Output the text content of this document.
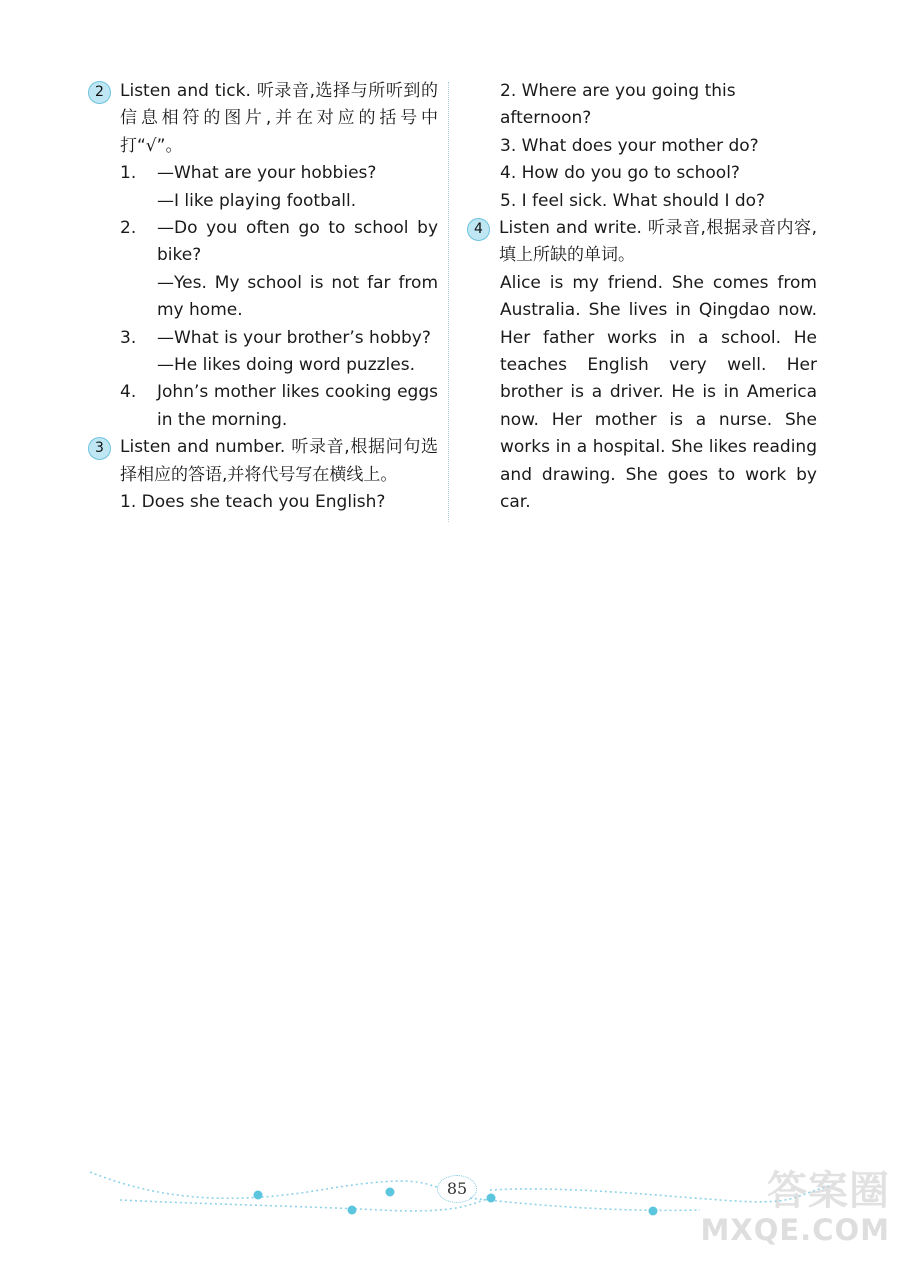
2 Listen and tick. 听录音,选择与所听到的信息相符的图片,并在对应的括号中打“√”。
1.	—What are your hobbies?
—I like playing football.
2.	—Do you often go to school by bike?
—Yes. My school is not far from my home.
3.	—What is your brother’s hobby?
—He likes doing word puzzles.
4.	John’s mother likes cooking eggs in the morning.
3 Listen and number. 听录音,根据问句选择相应的答语,并将代号写在横线上。
1. Does she teach you English?
2. Where are you going this afternoon?
3. What does your mother do?
4. How do you go to school?
5. I feel sick. What should I do?
4 Listen and write. 听录音,根据录音内容,填上所缺的单词。
Alice is my friend. She comes from Australia. She lives in Qingdao now. Her father works in a school. He teaches English very well. Her brother is a driver. He is in America now. Her mother is a nurse. She works in a hospital. She likes reading and drawing. She goes to work by car.
85	答案圈
MXQE.COM
